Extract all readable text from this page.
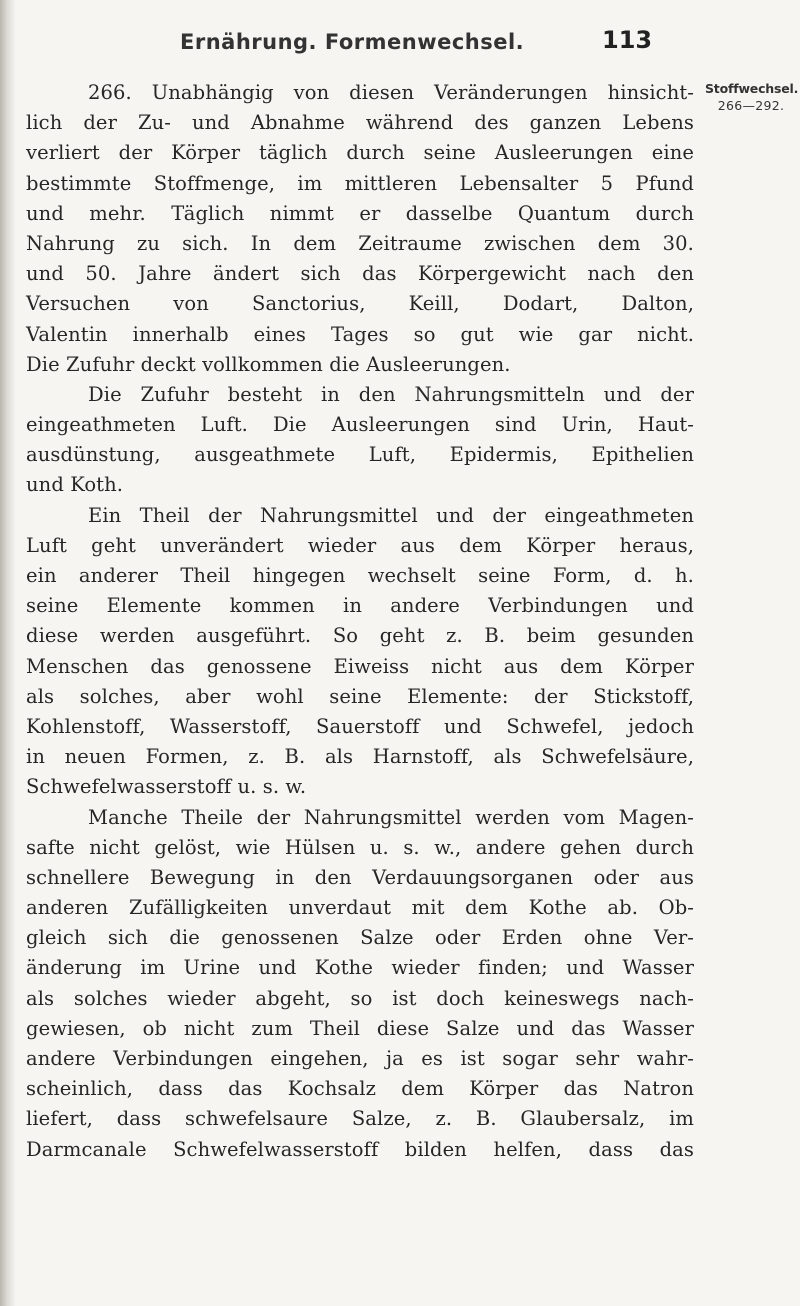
Ernährung. Formenwechsel.	113
Stoffwechsel.
266—292.
266. Unabhängig von diesen Veränderungen hinsicht-
lich der Zu- und Abnahme während des ganzen Lebens
verliert der Körper täglich durch seine Ausleerungen eine
bestimmte Stoffmenge, im mittleren Lebensalter 5 Pfund
und mehr. Täglich nimmt er dasselbe Quantum durch
Nahrung zu sich. In dem Zeitraume zwischen dem 30.
und 50. Jahre ändert sich das Körpergewicht nach den
Versuchen von Sanctorius, Keill, Dodart, Dalton,
Valentin innerhalb eines Tages so gut wie gar nicht.
Die Zufuhr deckt vollkommen die Ausleerungen.
Die Zufuhr besteht in den Nahrungsmitteln und der
eingeathmeten Luft. Die Ausleerungen sind Urin, Haut-
ausdünstung, ausgeathmete Luft, Epidermis, Epithelien
und Koth.
Ein Theil der Nahrungsmittel und der eingeathmeten
Luft geht unverändert wieder aus dem Körper heraus,
ein anderer Theil hingegen wechselt seine Form, d. h.
seine Elemente kommen in andere Verbindungen und
diese werden ausgeführt. So geht z. B. beim gesunden
Menschen das genossene Eiweiss nicht aus dem Körper
als solches, aber wohl seine Elemente: der Stickstoff,
Kohlenstoff, Wasserstoff, Sauerstoff und Schwefel, jedoch
in neuen Formen, z. B. als Harnstoff, als Schwefelsäure,
Schwefelwasserstoff u. s. w.
Manche Theile der Nahrungsmittel werden vom Magen-
safte nicht gelöst, wie Hülsen u. s. w., andere gehen durch
schnellere Bewegung in den Verdauungsorganen oder aus
anderen Zufälligkeiten unverdaut mit dem Kothe ab. Ob-
gleich sich die genossenen Salze oder Erden ohne Ver-
änderung im Urine und Kothe wieder finden; und Wasser
als solches wieder abgeht, so ist doch keineswegs nach-
gewiesen, ob nicht zum Theil diese Salze und das Wasser
andere Verbindungen eingehen, ja es ist sogar sehr wahr-
scheinlich, dass das Kochsalz dem Körper das Natron
liefert, dass schwefelsaure Salze, z. B. Glaubersalz, im
Darmcanale Schwefelwasserstoff bilden helfen, dass das
